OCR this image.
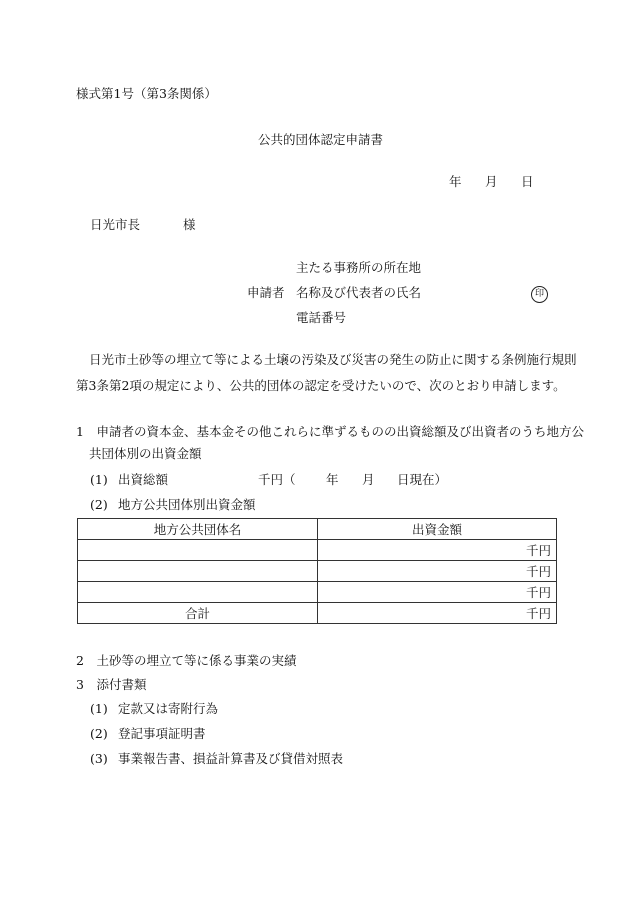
様式第1号（第3条関係）
公共的団体認定申請書
年 月 日
日光市長	様
主たる事務所の所在地
申請者 名称及び代表者の氏名	印
電話番号
日光市土砂等の埋立て等による土壌の汚染及び災害の発生の防止に関する条例施行規則
第3条第2項の規定により、公共的団体の認定を受けたいので、次のとおり申請します。
1　申請者の資本金、基本金その他これらに準ずるものの出資総額及び出資者のうち地方公
共団体別の出資金額
(1) 出資総額	千円（ 年 月 日現在）
(2) 地方公共団体別出資金額
地方公共団体名	出資金額
	千円
	千円
	千円
合計	千円
2　土砂等の埋立て等に係る事業の実績
3　添付書類
(1) 定款又は寄附行為
(2) 登記事項証明書
(3) 事業報告書、損益計算書及び貸借対照表
